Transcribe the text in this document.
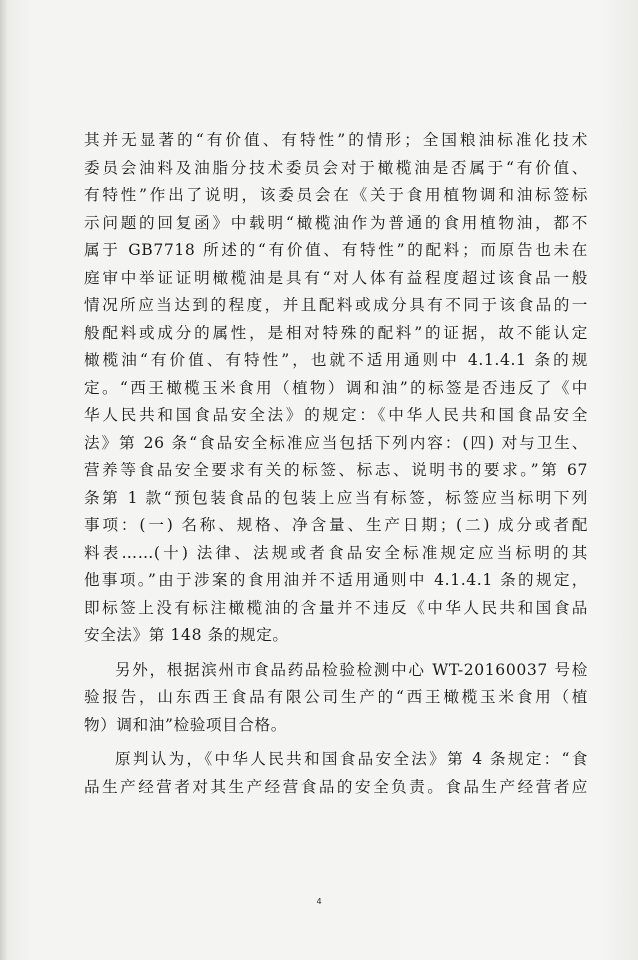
其并无显著的“有价值、有特性”的情形；全国粮油标准化技术
委员会油料及油脂分技术委员会对于橄榄油是否属于“有价值、
有特性”作出了说明，该委员会在《关于食用植物调和油标签标
示问题的回复函》中载明“橄榄油作为普通的食用植物油，都不
属于 GB7718 所述的“有价值、有特性”的配料；而原告也未在
庭审中举证证明橄榄油是具有“对人体有益程度超过该食品一般
情况所应当达到的程度，并且配料或成分具有不同于该食品的一
般配料或成分的属性，是相对特殊的配料”的证据，故不能认定
橄榄油“有价值、有特性”，也就不适用通则中 4.1.4.1 条的规
定。“西王橄榄玉米食用（植物）调和油”的标签是否违反了《中
华人民共和国食品安全法》的规定：《中华人民共和国食品安全
法》第 26 条“食品安全标准应当包括下列内容：(四) 对与卫生、
营养等食品安全要求有关的标签、标志、说明书的要求。”第 67
条第 1 款“预包装食品的包装上应当有标签，标签应当标明下列
事项：(一) 名称、规格、净含量、生产日期；(二) 成分或者配
料表……(十) 法律、法规或者食品安全标准规定应当标明的其
他事项。”由于涉案的食用油并不适用通则中 4.1.4.1 条的规定，
即标签上没有标注橄榄油的含量并不违反《中华人民共和国食品
安全法》第 148 条的规定。
另外，根据滨州市食品药品检验检测中心 WT-20160037 号检
验报告，山东西王食品有限公司生产的“西王橄榄玉米食用（植
物）调和油”检验项目合格。
原判认为，《中华人民共和国食品安全法》第 4 条规定：“食
品生产经营者对其生产经营食品的安全负责。食品生产经营者应
4
